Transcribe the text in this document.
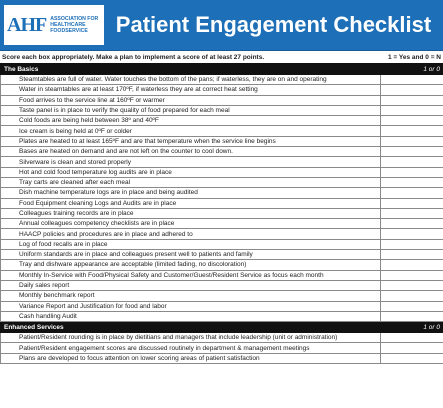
AHF ASSOCIATION FOR
HEALTHCARE
FOODSERVICE	Patient Engagement Checklist
Score each box appropriately. Make a plan to implement a score of at least 27 points.	1 = Yes and 0 = N
The Basics	1 or 0
Steamtables are full of water. Water touches the bottom of the pans; if waterless, they are on and operating	
Water in steamtables are at least 170ºF, if waterless they are at correct heat setting	
Food arrives to the service line at 160ºF or warmer	
Taste panel is in place to verify the quality of food prepared for each meal	
Cold foods are being held between 38º and 40ºF	
Ice cream is being held at 0ºF or colder	
Plates are heated to at least 165ºF and are that temperature when the service line begins	
Bases are heated on demand and are not left on the counter to cool down.	
Silverware is clean and stored properly	
Hot and cold food temperature log audits are in place	
Tray carts are cleaned after each meal	
Dish machine temperature logs are in place and being audited	
Food Equipment cleaning Logs and Audits are in place	
Colleagues training records are in place	
Annual colleagues competency checklists are in place	
HAACP policies and procedures are in place and adhered to	
Log of food recalls are in place	
Uniform standards are in place and colleagues present well to patients and family	
Tray and dishware appearance are acceptable (limited fading, no discoloration)	
Monthly In-Service with Food/Physical Safety and Customer/Guest/Resident Service as focus each month	
Daily sales report	
Monthly benchmark report	
Variance Report and Justification for food and labor	
Cash handling Audit	
Enhanced Services	1 or 0
Patient/Resident rounding is in place by dietitians and managers that include leadership (unit or administration)	
Patient/Resident engagement scores are discussed routinely in department & management meetings	
Plans are developed to focus attention on lower scoring areas of patient satisfaction	
